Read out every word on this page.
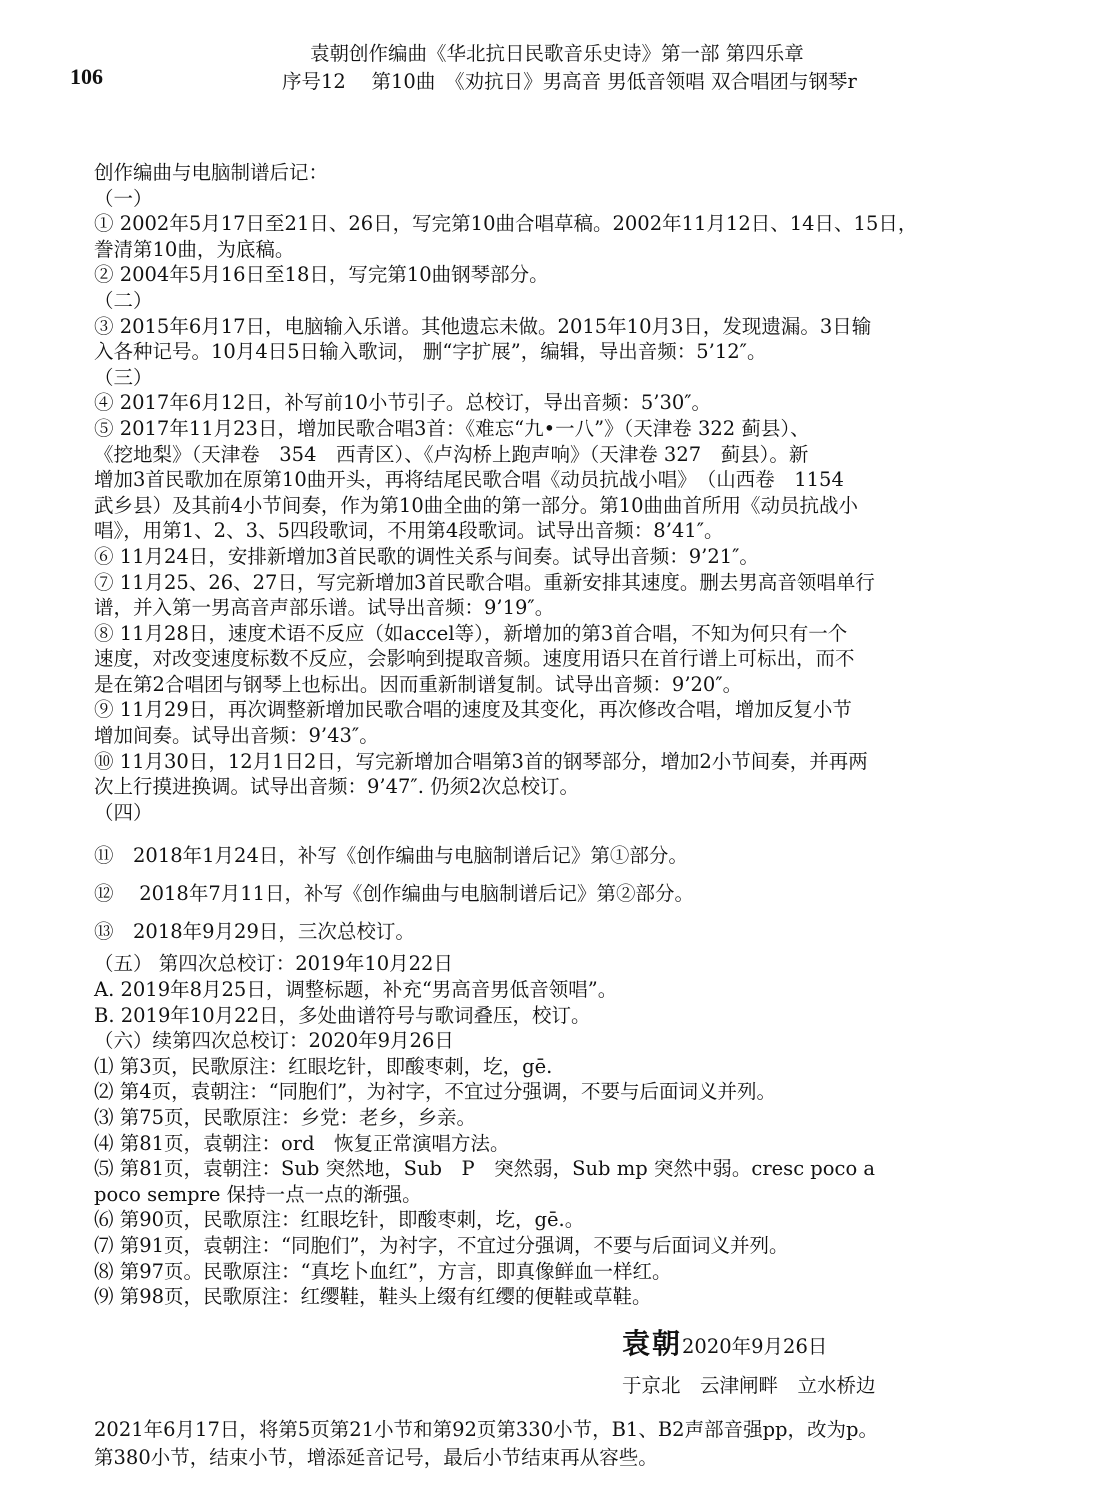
106
袁朝创作编曲《华北抗日民歌音乐史诗》第一部 第四乐章
序号12　 第10曲　《劝抗日》男高音 男低音领唱 双合唱团与钢琴r
创作编曲与电脑制谱后记：
（一）
① 2002年5月17日至21日、26日，写完第10曲合唱草稿。2002年11月12日、14日、15日，
誊清第10曲，为底稿。
② 2004年5月16日至18日，写完第10曲钢琴部分。
（二）
③ 2015年6月17日，电脑输入乐谱。其他遗忘未做。2015年10月3日，发现遗漏。3日输
入各种记号。10月4日5日输入歌词， 删“字扩展”，编辑，导出音频：5’12″。
（三）
④ 2017年6月12日，补写前10小节引子。总校订，导出音频：5’30″。
⑤ 2017年11月23日，增加民歌合唱3首：《难忘“九•一八”》（天津卷 322 蓟县）、
《挖地梨》（天津卷　354　西青区）、《卢沟桥上跑声响》（天津卷 327　蓟县）。新
增加3首民歌加在原第10曲开头，再将结尾民歌合唱《动员抗战小唱》　（山西卷　1154
武乡县）及其前4小节间奏，作为第10曲全曲的第一部分。第10曲曲首所用《动员抗战小
唱》，用第1、2、3、5四段歌词，不用第4段歌词。试导出音频：8’41″。
⑥ 11月24日，安排新增加3首民歌的调性关系与间奏。试导出音频：9’21″。
⑦ 11月25、26、27日，写完新增加3首民歌合唱。重新安排其速度。删去男高音领唱单行
谱，并入第一男高音声部乐谱。试导出音频：9’19″。
⑧ 11月28日，速度术语不反应（如accel等），新增加的第3首合唱，不知为何只有一个
速度，对改变速度标数不反应，会影响到提取音频。速度用语只在首行谱上可标出，而不
是在第2合唱团与钢琴上也标出。因而重新制谱复制。试导出音频：9’20″。
⑨ 11月29日，再次调整新增加民歌合唱的速度及其变化，再次修改合唱，增加反复小节
增加间奏。试导出音频：9’43″。
⑩ 11月30日，12月1日2日，写完新增加合唱第3首的钢琴部分，增加2小节间奏，并再两
次上行摸进换调。试导出音频：9’47″. 仍须2次总校订。
（四）
⑪　2018年1月24日，补写《创作编曲与电脑制谱后记》第①部分。
⑫　 2018年7月11日，补写《创作编曲与电脑制谱后记》第②部分。
⑬　2018年9月29日，三次总校订。
（五） 第四次总校订：2019年10月22日
A. 2019年8月25日，调整标题，补充“男高音男低音领唱”。
B. 2019年10月22日，多处曲谱符号与歌词叠压，校订。
（六）续第四次总校订：2020年9月26日
⑴ 第3页，民歌原注：红眼圪针，即酸枣刺，圪，gē.
⑵ 第4页，袁朝注：“同胞们”，为衬字，不宜过分强调，不要与后面词义并列。
⑶ 第75页，民歌原注：乡党：老乡，乡亲。
⑷ 第81页，袁朝注：ord　恢复正常演唱方法。
⑸ 第81页，袁朝注：Sub 突然地，Sub　P　突然弱，Sub mp 突然中弱。cresc poco a
poco sempre 保持一点一点的渐强。
⑹ 第90页，民歌原注：红眼圪针，即酸枣刺，圪，gē.。
⑺ 第91页，袁朝注：“同胞们”，为衬字，不宜过分强调，不要与后面词义并列。
⑻ 第97页。民歌原注：“真圪卜血红”，方言，即真像鲜血一样红。
⑼ 第98页，民歌原注：红缨鞋，鞋头上缀有红缨的便鞋或草鞋。
袁朝2020年9月26日
于京北　云津闸畔　立水桥边
2021年6月17日，将第5页第21小节和第92页第330小节，B1、B2声部音强pp，改为p。
第380小节，结束小节，增添延音记号，最后小节结束再从容些。
